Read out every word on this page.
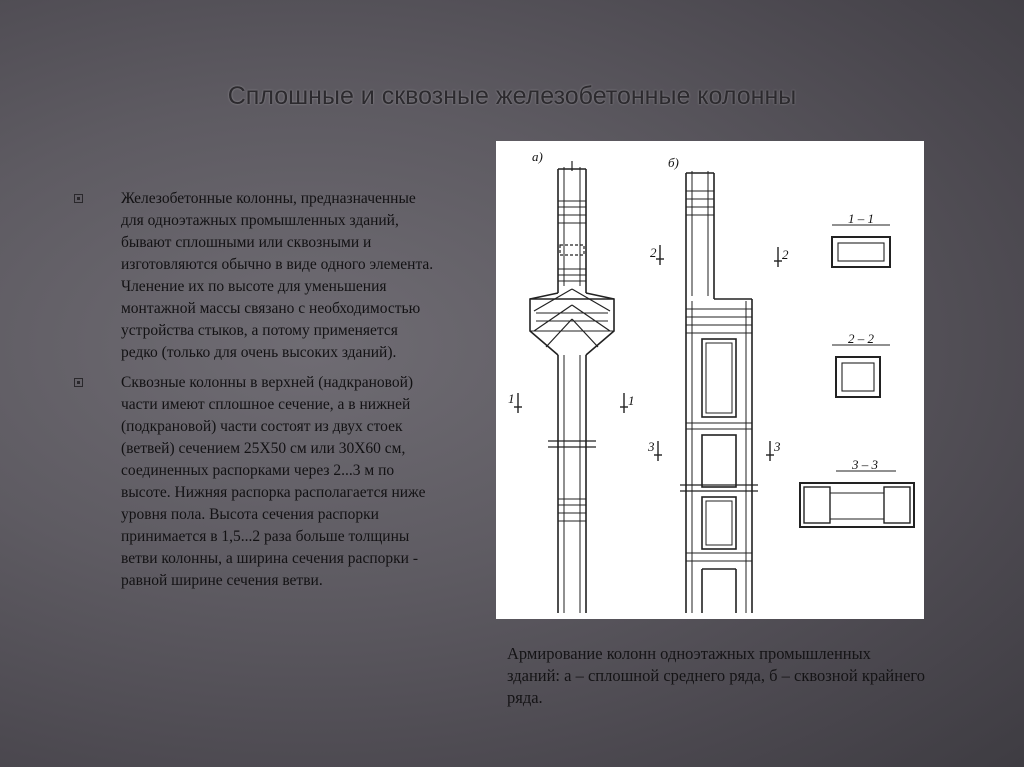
Сплошные и сквозные железобетонные колонны
Железобетонные колонны, предназначенные для одноэтажных промышленных зданий, бывают сплошными или сквозными и изготовляются обычно в виде одного элемента. Членение их по высоте для уменьшения монтажной массы связано с необходимостью устройства стыков, а потому применяется редко (только для очень высоких зданий).
Сквозные колонны в верхней (надкрановой) части имеют сплошное сечение, а в нижней (подкрановой) части состоят из двух стоек (ветвей) сечением 25Х50 см или 30Х60 см, соединенных распорками через 2...3 м по высоте. Нижняя распорка располагается ниже уровня пола. Высота сечения распорки принимается в 1,5...2 раза больше толщины ветви колонны, а ширина сечения распорки - равной ширине сечения ветви.
а)	б)
1 – 1
2 – 2
3 – 3
1	1
2	2
3	3
Армирование колонн одноэтажных промышленных зданий: а – сплошной среднего ряда, б – сквозной крайнего ряда.
